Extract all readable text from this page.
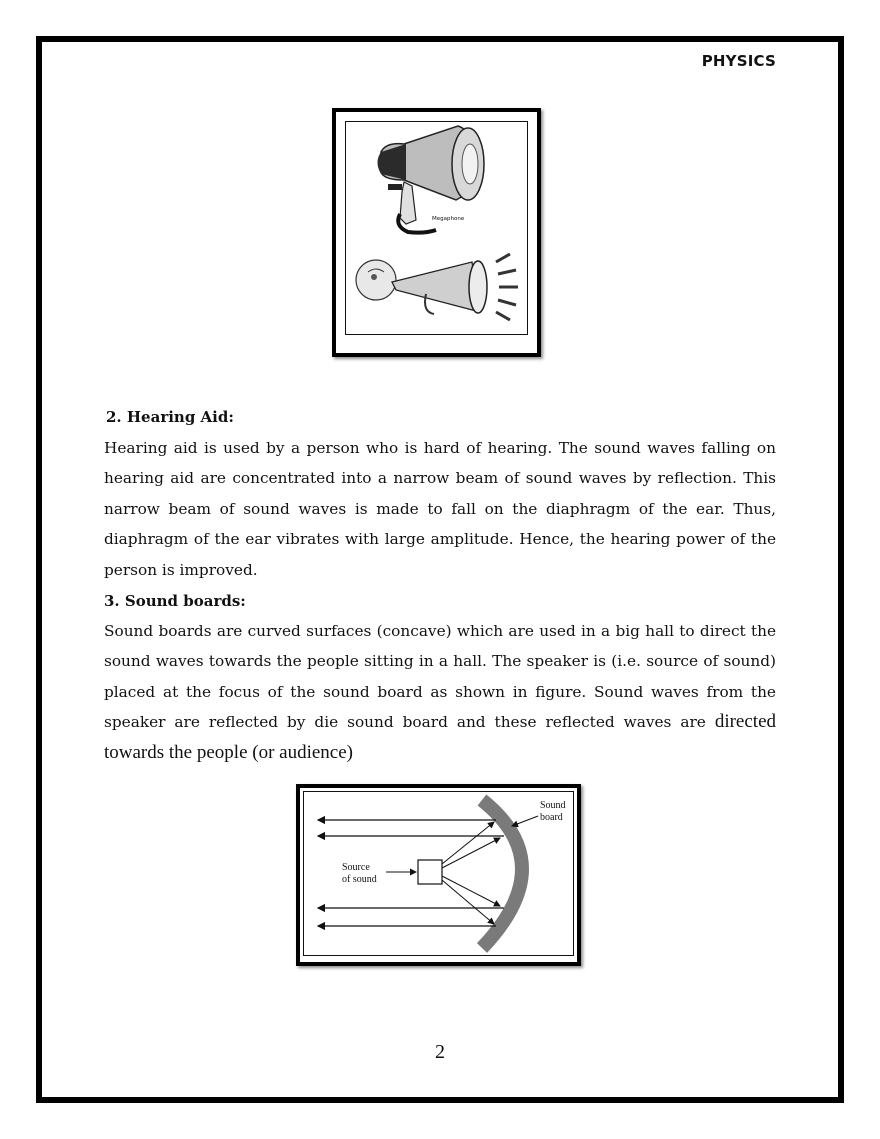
PHYSICS
Megaphone
2. Hearing Aid:
Hearing aid is used by a person who is hard of hearing. The sound waves falling on hearing aid are concentrated into a narrow beam of sound waves by reflection. This narrow beam of sound waves is made to fall on the diaphragm of the ear. Thus, diaphragm of the ear vibrates with large amplitude. Hence, the hearing power of the person is improved.
3. Sound boards:
Sound boards are curved surfaces (concave) which are used in a big hall to direct the sound waves towards the people sitting in a hall. The speaker is (i.e. source of sound) placed at the focus of the sound board as shown in figure. Sound waves from the speaker are reflected by die sound board and these reflected waves are directed towards the people (or audience)
Source
of sound
Sound
board
2
